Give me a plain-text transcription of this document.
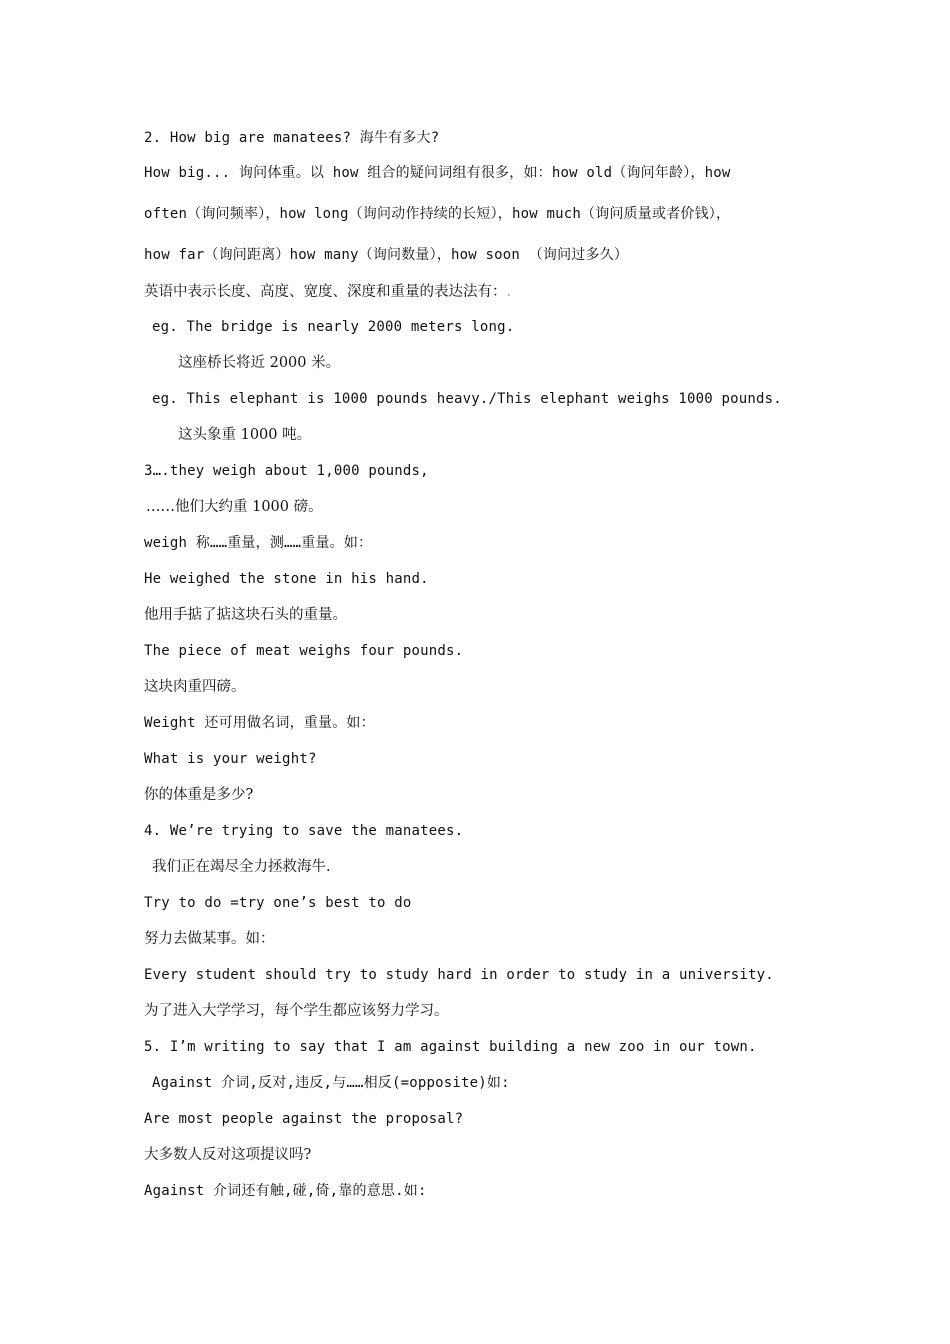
2. How big are manatees? 海牛有多大?
How big... 询问体重。以 how 组合的疑问词组有很多，如：how old（询问年龄），how
often（询问频率），how long（询问动作持续的长短），how much（询问质量或者价钱），
how far（询问距离）how many（询问数量），how soon （询问过多久）
英语中表示长度、高度、宽度、深度和重量的表达法有：.
eg. The bridge is nearly 2000 meters long.
这座桥长将近 2000 米。
eg. This elephant is 1000 pounds heavy./This elephant weighs 1000 pounds.
这头象重 1000 吨。
3….they weigh about 1,000 pounds,
……他们大约重 1000 磅。
weigh 称……重量，测……重量。如：
He weighed the stone in his hand.
他用手掂了掂这块石头的重量。
The piece of meat weighs four pounds.
这块肉重四磅。
Weight 还可用做名词，重量。如：
What is your weight?
你的体重是多少?
4. We’re trying to save the manatees.
我们正在竭尽全力拯救海牛.
Try to do =try one’s best to do
努力去做某事。如：
Every student should try to study hard in order to study in a university.
为了进入大学学习，每个学生都应该努力学习。
5. I’m writing to say that I am against building a new zoo in our town.
Against 介词,反对,违反,与……相反(=opposite)如:
Are most people against the proposal?
大多数人反对这项提议吗?
Against 介词还有触,碰,倚,靠的意思.如:
